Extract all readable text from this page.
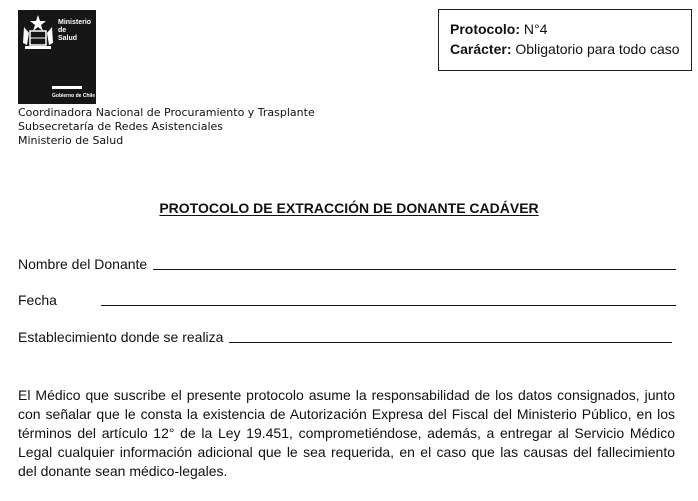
Ministerio de
Salud
Gobierno de Chile
Coordinadora Nacional de Procuramiento y Trasplante
Subsecretaría de Redes Asistenciales
Ministerio de Salud
Protocolo: N°4
Carácter: Obligatorio para todo caso
PROTOCOLO DE EXTRACCIÓN DE DONANTE CADÁVER
Nombre del Donante
Fecha
Establecimiento donde se realiza
El Médico que suscribe el presente protocolo asume la responsabilidad de los datos consignados, junto con señalar que le consta la existencia de Autorización Expresa del Fiscal del Ministerio Público, en los términos del artículo 12° de la Ley 19.451, comprometiéndose, además, a entregar al Servicio Médico Legal cualquier información adicional que le sea requerida, en el caso que las causas del fallecimiento del donante sean médico-legales.
